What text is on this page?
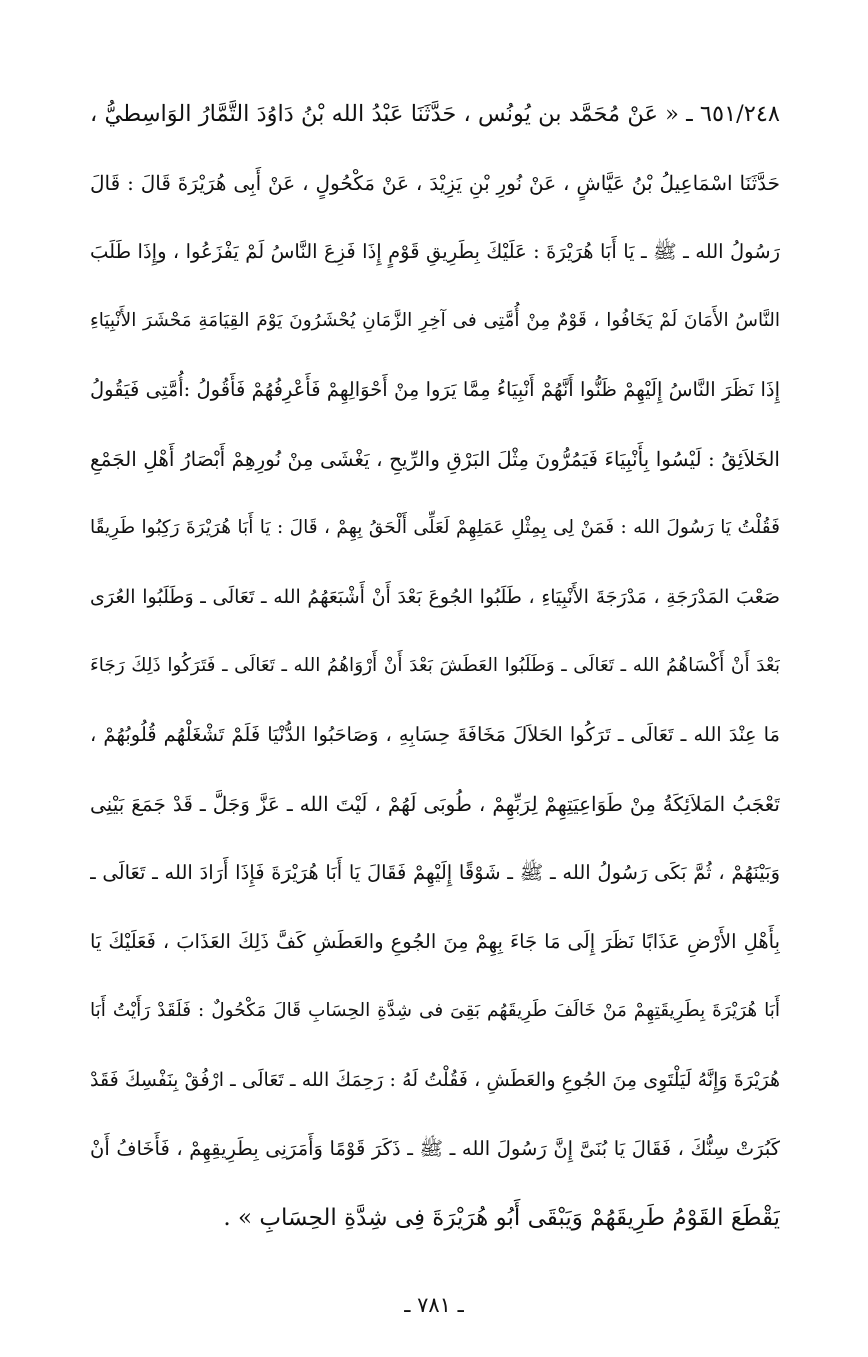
٦٥١/٢٤٨ ـ « عَنْ مُحَمَّد بن يُونُس ، حَدَّثَنَا عَبْدُ الله بْنُ دَاوُدَ التَّمَّارُ الوَاسِطيُّ ،
حَدَّثَنَا اسْمَاعِيلُ بْنُ عَيَّاشٍ ، عَنْ نُورِ بْنِ يَزِيْدَ ، عَنْ مَكْحُولٍ ، عَنْ أَبِى هُرَيْرَةَ قَالَ : قَالَ
رَسُولُ الله ـ ﷺ ـ يَا أَبَا هُرَيْرَةَ : عَلَيْكَ بِطَرِيقِ قَوْمٍ إِذَا فَزِعَ النَّاسُ لَمْ يَفْزَعُوا ، وإِذَا طَلَبَ
النَّاسُ الأَمَانَ لَمْ يَخَافُوا ، قَوْمٌ مِنْ أُمَّتِى فى آخِرِ الزَّمَانِ يُحْشَرُونَ يَوْمَ القِيَامَةِ مَحْشَرَ الأَنْبِيَاءِ
إِذَا نَظَرَ النَّاسُ إِلَيْهِمْ ظَنُّوا أَنَّهُمْ أَنْبِيَاءُ مِمَّا يَرَوا مِنْ أَحْوَالِهِمْ فَأَعْرِفُهُمْ فَأَقُولُ :أُمَّتِى فَيَقُولُ
الخَلاَئِقُ : لَيْسُوا بِأَنْبِيَاءَ فَيَمُرُّونَ مِثْلَ البَرْقِ والرِّيحِ ، يَغْشَى مِنْ نُورِهِمْ أَبْصَارُ أَهْلِ الجَمْعِ
فَقُلْتُ يَا رَسُولَ الله : فَمَنْ لِى بِمِثْلِ عَمَلِهِمْ لَعَلِّى أَلْحَقُ بِهِمْ ، قَالَ : يَا أَبَا هُرَيْرَةَ رَكِبُوا طَرِيقًا
صَعْبَ المَدْرَجَةِ ، مَدْرَجَةَ الأَنْبِيَاءِ ، طَلَبُوا الجُوعَ بَعْدَ أَنْ أَشْبَعَهُمُ الله ـ تَعَالَى ـ وَطَلَبُوا العُرَى
بَعْدَ أَنْ أَكْسَاهُمُ الله ـ تَعَالَى ـ وَطَلَبُوا العَطَشَ بَعْدَ أَنْ أَرْوَاهُمُ الله ـ تَعَالَى ـ فَتَرَكُوا ذَلِكَ رَجَاءَ
مَا عِنْدَ الله ـ تَعَالَى ـ تَرَكُوا الحَلاَلَ مَخَافَةَ حِسَابِهِ ، وَصَاحَبُوا الدُّنْيَا فَلَمْ تَشْغَلْهُم قُلُوبُهُمْ ،
تَعْجَبُ المَلاَئِكَةُ مِنْ طَوَاعِيَتِهِمْ لِرَبِّهِمْ ، طُوبَى لَهُمْ ، لَيْتَ الله ـ عَزَّ وَجَلَّ ـ قَدْ جَمَعَ بَيْنِى
وَبَيْنَهُمْ ، ثُمَّ بَكَى رَسُولُ الله ـ ﷺ ـ شَوْقًا إِلَيْهِمْ فَقَالَ يَا أَبَا هُرَيْرَةَ فَإِذَا أَرَادَ الله ـ تَعَالَى ـ
بِأَهْلِ الأَرْضِ عَذَابًا نَظَرَ إِلَى مَا جَاءَ بِهِمْ مِنَ الجُوعِ والعَطَشِ كَفَّ ذَلِكَ العَذَابَ ، فَعَلَيْكَ يَا
أَبَا هُرَيْرَةَ بِطَرِيقَتِهِمْ مَنْ خَالَفَ طَرِيقَهُم بَقِىَ فى شِدَّةِ الحِسَابِ قَالَ مَكْحُولٌ : فَلَقَدْ رَأَيْتُ أَبَا
هُرَيْرَةَ وَإِنَّهُ لَيَلْتَوِى مِنَ الجُوعِ والعَطَشِ ، فَقُلْتُ لَهُ : رَحِمَكَ الله ـ تَعَالَى ـ ارْفُقْ بِنَفْسِكَ فَقَدْ
كَبُرَتْ سِنُّكَ ، فَقَالَ يَا بُنَىَّ إِنَّ رَسُولَ الله ـ ﷺ ـ ذَكَرَ قَوْمًا وَأَمَرَنِى بِطَرِيقِهِمْ ، فَأَخَافُ أَنْ
يَقْطَعَ القَوْمُ طَرِيقَهُمْ وَيَبْقَى أَبُو هُرَيْرَةَ فِى شِدَّةِ الحِسَابِ » .
ـ ٧٨١ ـ
